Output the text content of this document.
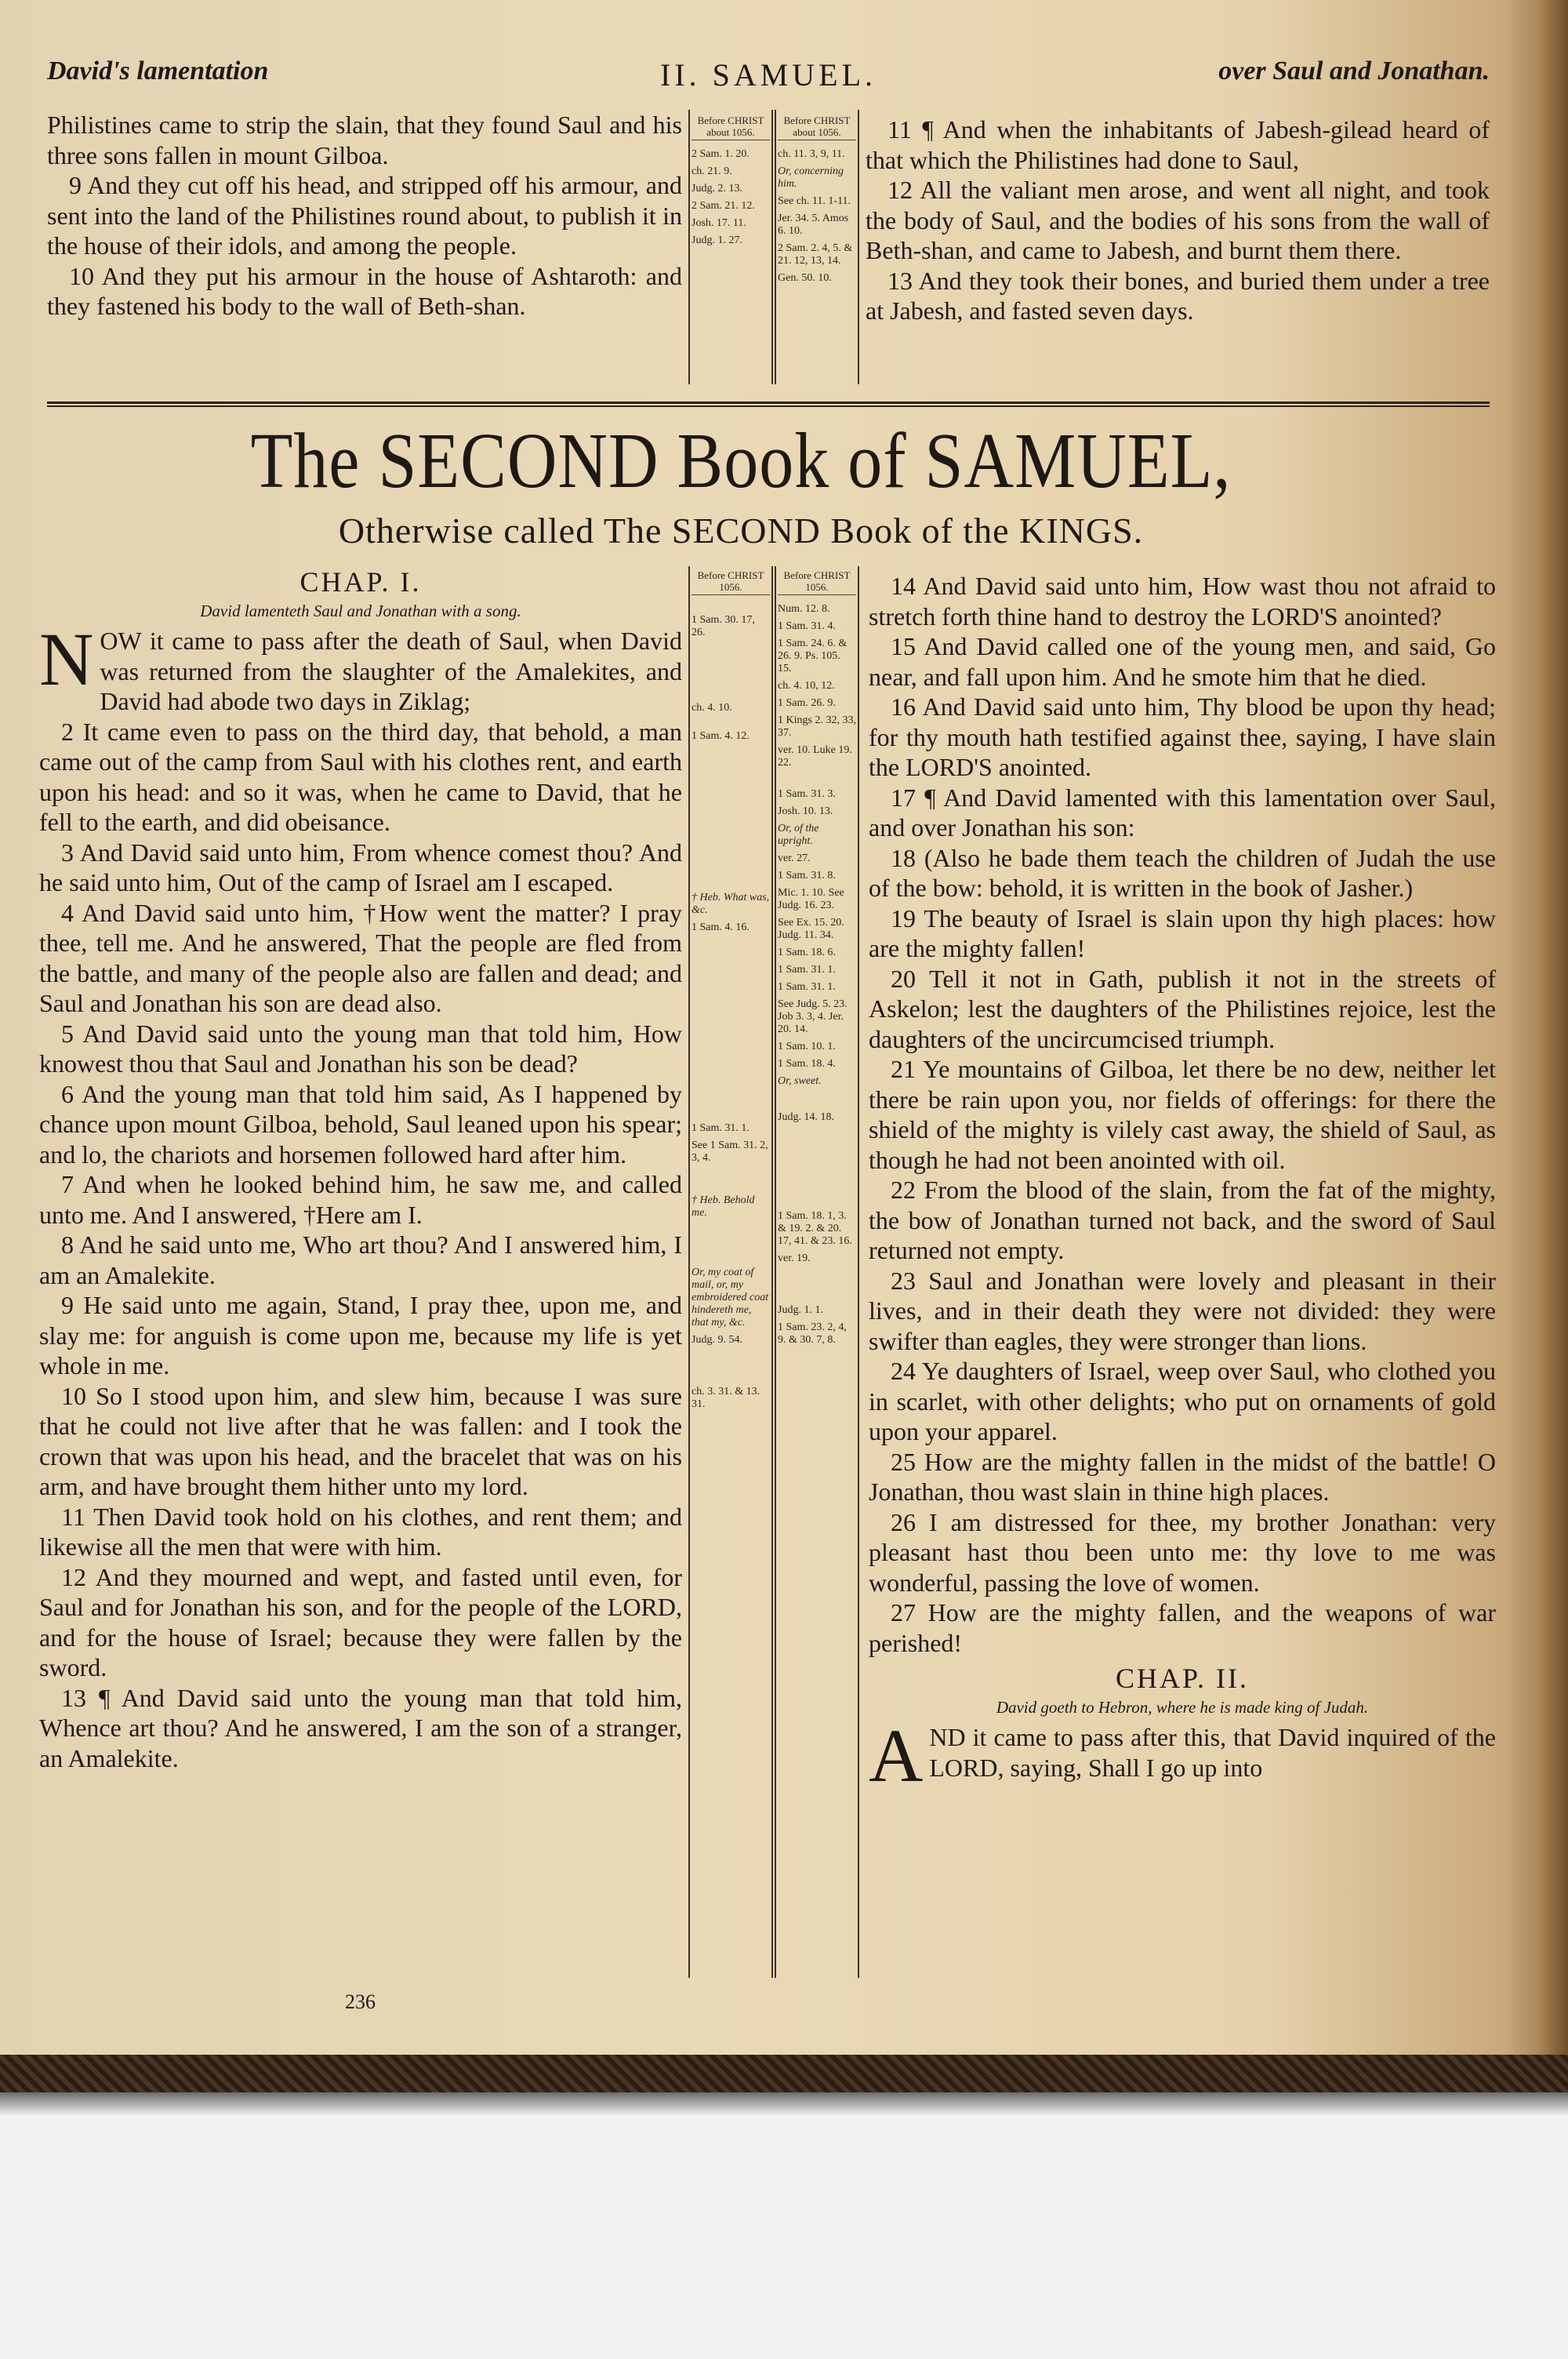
David's lamentation	II. SAMUEL.	over Saul and Jonathan.

Philistines came to strip the slain, that they found Saul and his three sons fallen in mount Gilboa.

9 And they cut off his head, and stripped off his armour, and sent into the land of the Philistines round about, to publish it in the house of their idols, and among the people.

10 And they put his armour in the house of Ashtaroth: and they fastened his body to the wall of Beth-shan.

Before CHRIST about 1056.
2 Sam. 1. 20.
ch. 21. 9.
Judg. 2. 13.
2 Sam. 21. 12.
Josh. 17. 11.
Judg. 1. 27.
Before CHRIST about 1056.
ch. 11. 3, 9, 11.
Or, concerning him.
See ch. 11. 1-11.
Jer. 34. 5. Amos 6. 10.
2 Sam. 2. 4, 5. & 21. 12, 13, 14.
Gen. 50. 10.

11 ¶ And when the inhabitants of Jabesh-gilead heard of that which the Philistines had done to Saul,

12 All the valiant men arose, and went all night, and took the body of Saul, and the bodies of his sons from the wall of Beth-shan, and came to Jabesh, and burnt them there.

13 And they took their bones, and buried them under a tree at Jabesh, and fasted seven days.

The SECOND Book of SAMUEL,
Otherwise called The SECOND Book of the KINGS.

CHAP. I.

David lamenteth Saul and Jonathan with a song.

NOW it came to pass after the death of Saul, when David was returned from the slaughter of the Amalekites, and David had abode two days in Ziklag;

2 It came even to pass on the third day, that behold, a man came out of the camp from Saul with his clothes rent, and earth upon his head: and so it was, when he came to David, that he fell to the earth, and did obeisance.

3 And David said unto him, From whence comest thou? And he said unto him, Out of the camp of Israel am I escaped.

4 And David said unto him, †How went the matter? I pray thee, tell me. And he answered, That the people are fled from the battle, and many of the people also are fallen and dead; and Saul and Jonathan his son are dead also.

5 And David said unto the young man that told him, How knowest thou that Saul and Jonathan his son be dead?

6 And the young man that told him said, As I happened by chance upon mount Gilboa, behold, Saul leaned upon his spear; and lo, the chariots and horsemen followed hard after him.

7 And when he looked behind him, he saw me, and called unto me. And I answered, †Here am I.

8 And he said unto me, Who art thou? And I answered him, I am an Amalekite.

9 He said unto me again, Stand, I pray thee, upon me, and slay me: for anguish is come upon me, because my life is yet whole in me.

10 So I stood upon him, and slew him, because I was sure that he could not live after that he was fallen: and I took the crown that was upon his head, and the bracelet that was on his arm, and have brought them hither unto my lord.

11 Then David took hold on his clothes, and rent them; and likewise all the men that were with him.

12 And they mourned and wept, and fasted until even, for Saul and for Jonathan his son, and for the people of the LORD, and for the house of Israel; because they were fallen by the sword.

13 ¶ And David said unto the young man that told him, Whence art thou? And he answered, I am the son of a stranger, an Amalekite.

Before CHRIST 1056.
1 Sam. 30. 17, 26.
ch. 4. 10.
1 Sam. 4. 12.
† Heb. What was, &c.
1 Sam. 4. 16.
1 Sam. 31. 1.
See 1 Sam. 31. 2, 3, 4.
† Heb. Behold me.
Or, my coat of mail, or, my embroidered coat hindereth me, that my, &c.
Judg. 9. 54.
ch. 3. 31. & 13. 31.
Before CHRIST 1056.
Num. 12. 8.
1 Sam. 31. 4.
1 Sam. 24. 6. & 26. 9. Ps. 105. 15.
ch. 4. 10, 12.
1 Sam. 26. 9.
1 Kings 2. 32, 33, 37.
ver. 10. Luke 19. 22.
1 Sam. 31. 3.
Josh. 10. 13.
Or, of the upright.
ver. 27.
1 Sam. 31. 8.
Mic. 1. 10. See Judg. 16. 23.
See Ex. 15. 20. Judg. 11. 34.
1 Sam. 18. 6.
1 Sam. 31. 1.
1 Sam. 31. 1.
See Judg. 5. 23. Job 3. 3, 4. Jer. 20. 14.
1 Sam. 10. 1.
1 Sam. 18. 4.
Or, sweet.
Judg. 14. 18.
1 Sam. 18. 1, 3. & 19. 2. & 20. 17, 41. & 23. 16.
ver. 19.
Judg. 1. 1.
1 Sam. 23. 2, 4, 9. & 30. 7, 8.

14 And David said unto him, How wast thou not afraid to stretch forth thine hand to destroy the LORD'S anointed?

15 And David called one of the young men, and said, Go near, and fall upon him. And he smote him that he died.

16 And David said unto him, Thy blood be upon thy head; for thy mouth hath testified against thee, saying, I have slain the LORD'S anointed.

17 ¶ And David lamented with this lamentation over Saul, and over Jonathan his son:

18 (Also he bade them teach the children of Judah the use of the bow: behold, it is written in the book of Jasher.)

19 The beauty of Israel is slain upon thy high places: how are the mighty fallen!

20 Tell it not in Gath, publish it not in the streets of Askelon; lest the daughters of the Philistines rejoice, lest the daughters of the uncircumcised triumph.

21 Ye mountains of Gilboa, let there be no dew, neither let there be rain upon you, nor fields of offerings: for there the shield of the mighty is vilely cast away, the shield of Saul, as though he had not been anointed with oil.

22 From the blood of the slain, from the fat of the mighty, the bow of Jonathan turned not back, and the sword of Saul returned not empty.

23 Saul and Jonathan were lovely and pleasant in their lives, and in their death they were not divided: they were swifter than eagles, they were stronger than lions.

24 Ye daughters of Israel, weep over Saul, who clothed you in scarlet, with other delights; who put on ornaments of gold upon your apparel.

25 How are the mighty fallen in the midst of the battle! O Jonathan, thou wast slain in thine high places.

26 I am distressed for thee, my brother Jonathan: very pleasant hast thou been unto me: thy love to me was wonderful, passing the love of women.

27 How are the mighty fallen, and the weapons of war perished!

CHAP. II.

David goeth to Hebron, where he is made king of Judah.

AND it came to pass after this, that David inquired of the LORD, saying, Shall I go up into

236
